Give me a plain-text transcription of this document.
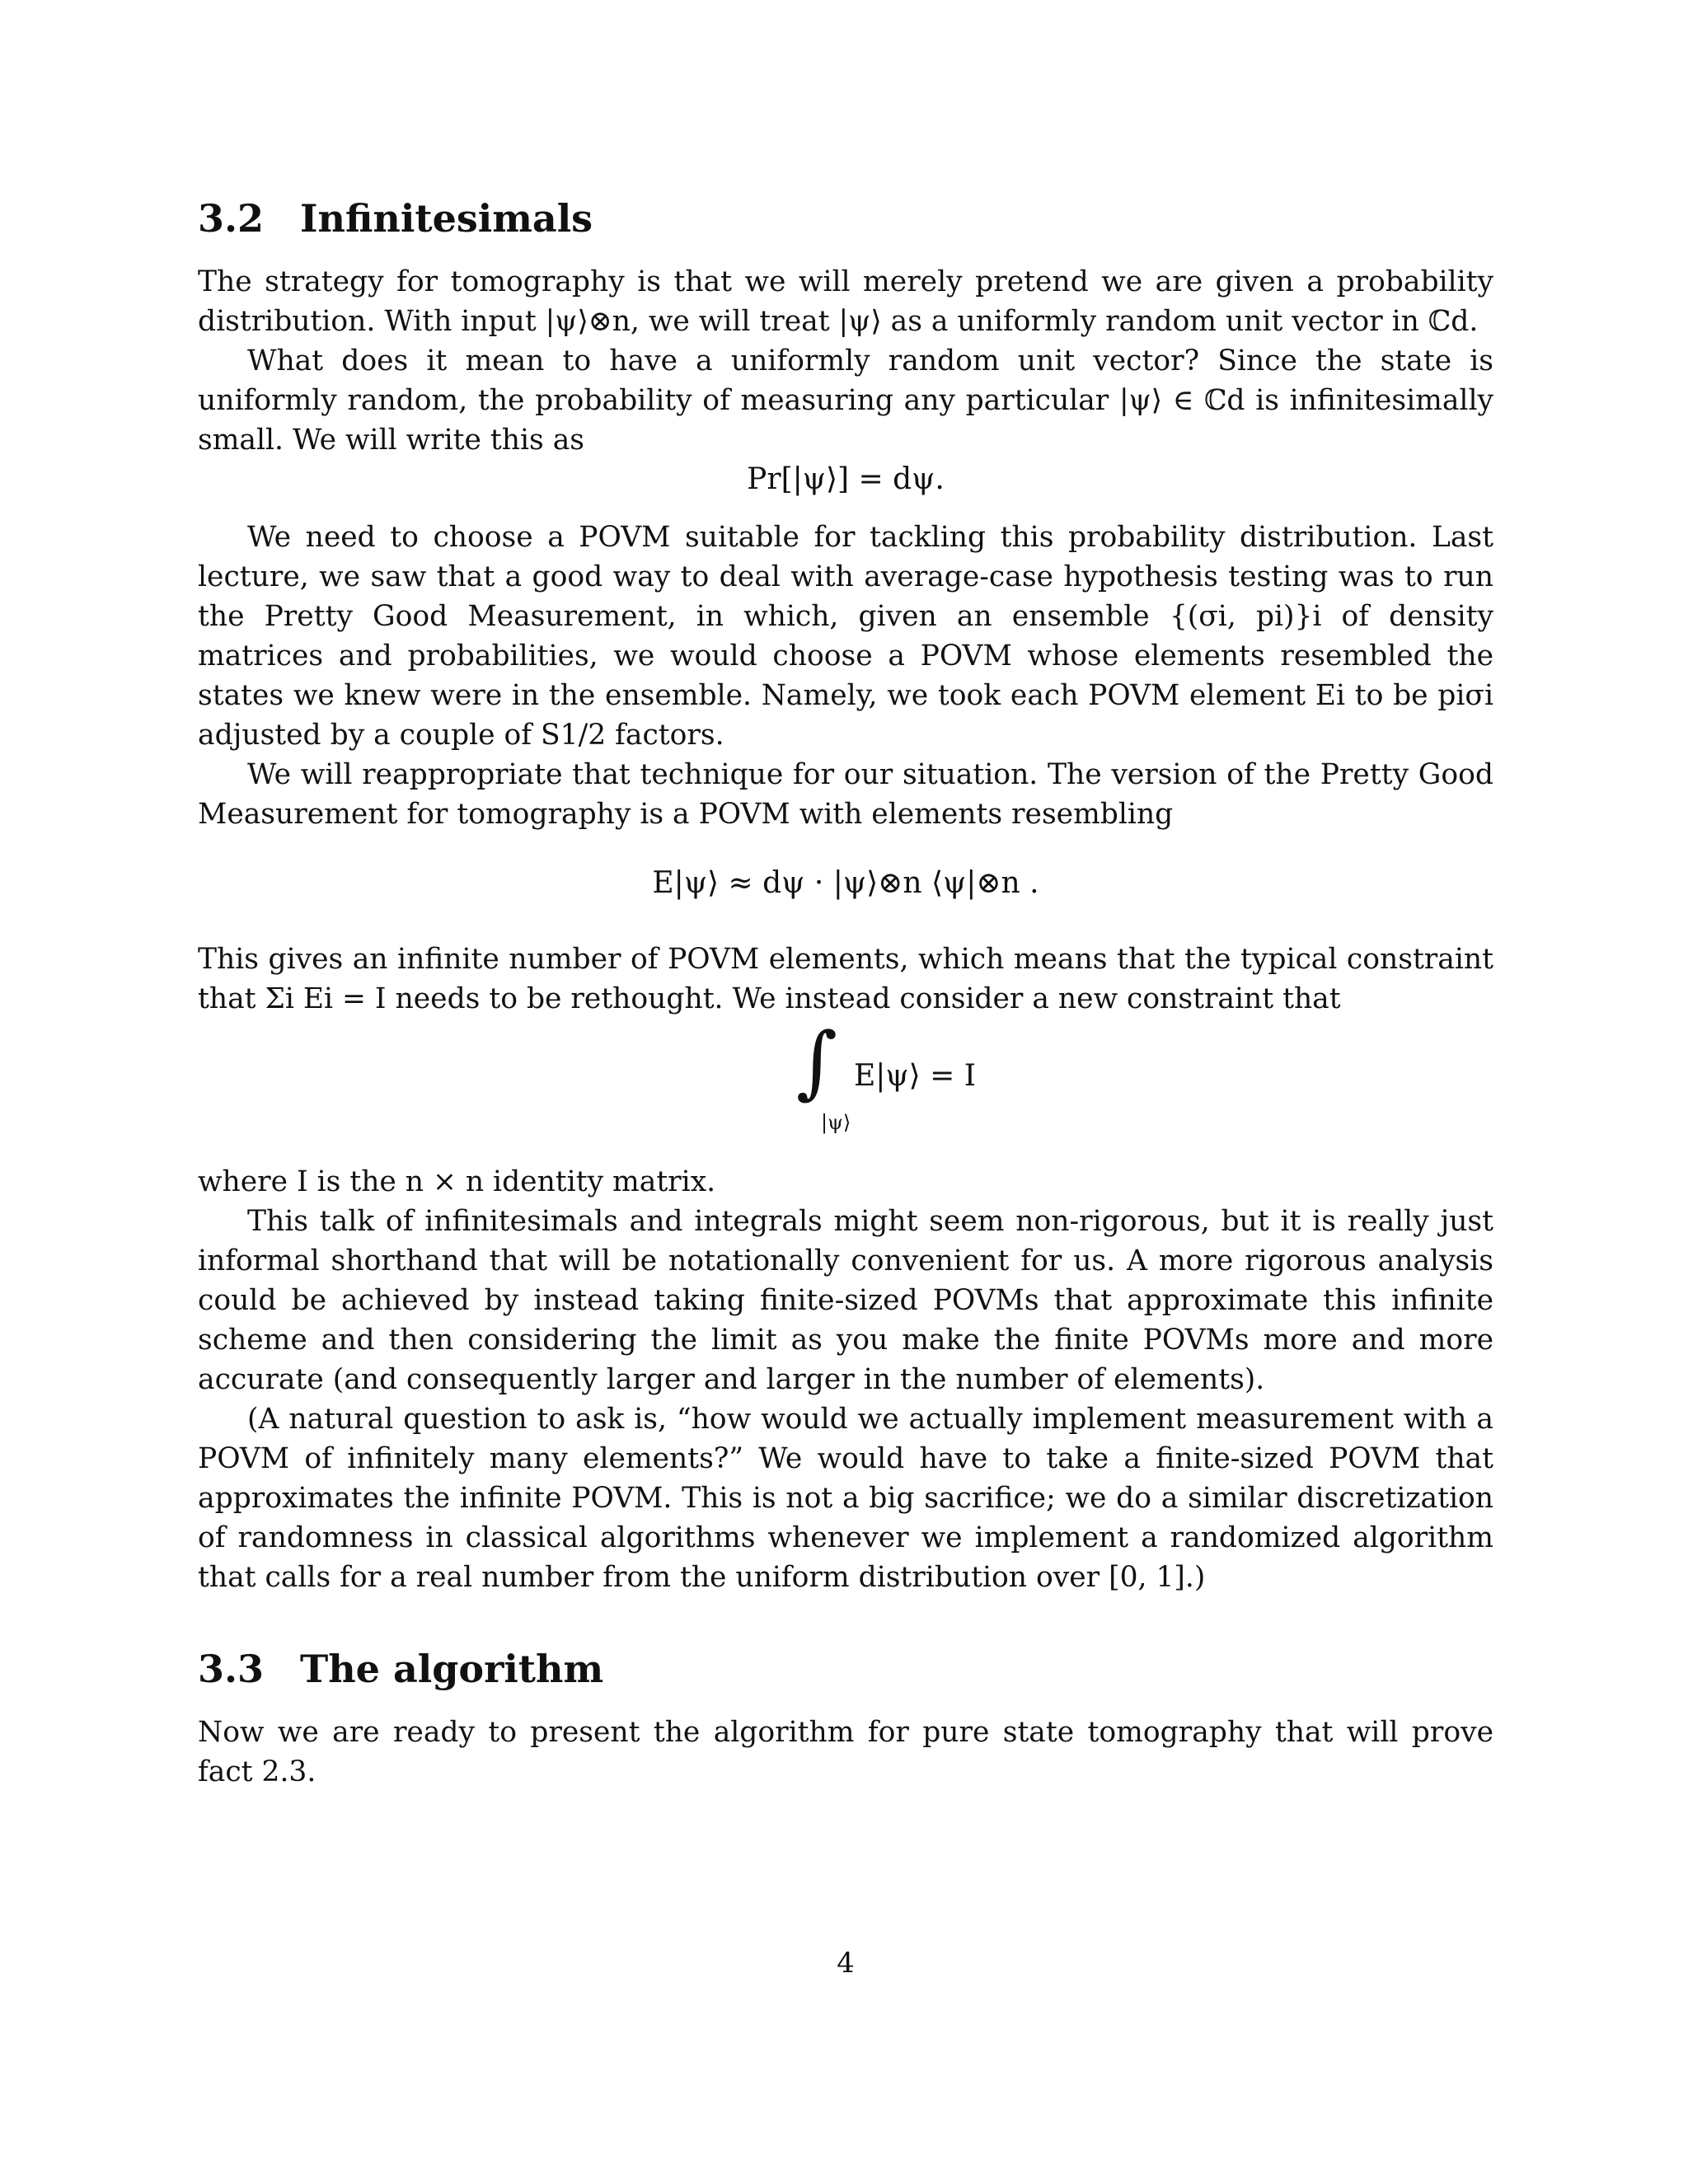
3.2 Infinitesimals

The strategy for tomography is that we will merely pretend we are given a probability distribution. With input |ψ⟩⊗n, we will treat |ψ⟩ as a uniformly random unit vector in ℂd.

What does it mean to have a uniformly random unit vector? Since the state is uniformly random, the probability of measuring any particular |ψ⟩ ∈ ℂd is infinitesimally small. We will write this as

Pr[|ψ⟩] = dψ.

We need to choose a POVM suitable for tackling this probability distribution. Last lecture, we saw that a good way to deal with average-case hypothesis testing was to run the Pretty Good Measurement, in which, given an ensemble {(σi, pi)}i of density matrices and probabilities, we would choose a POVM whose elements resembled the states we knew were in the ensemble. Namely, we took each POVM element Ei to be piσi adjusted by a couple of S1/2 factors.

We will reappropriate that technique for our situation. The version of the Pretty Good Measurement for tomography is a POVM with elements resembling

E|ψ⟩ ≈ dψ · |ψ⟩⊗n ⟨ψ|⊗n .

This gives an infinite number of POVM elements, which means that the typical constraint that Σi Ei = I needs to be rethought. We instead consider a new constraint that

∫
|ψ⟩
E|ψ⟩ = I

where I is the n × n identity matrix.

This talk of infinitesimals and integrals might seem non-rigorous, but it is really just informal shorthand that will be notationally convenient for us. A more rigorous analysis could be achieved by instead taking finite-sized POVMs that approximate this infinite scheme and then considering the limit as you make the finite POVMs more and more accurate (and consequently larger and larger in the number of elements).

(A natural question to ask is, “how would we actually implement measurement with a POVM of infinitely many elements?” We would have to take a finite-sized POVM that approximates the infinite POVM. This is not a big sacrifice; we do a similar discretization of randomness in classical algorithms whenever we implement a randomized algorithm that calls for a real number from the uniform distribution over [0, 1].)

3.3 The algorithm

Now we are ready to present the algorithm for pure state tomography that will prove fact 2.3.

4
